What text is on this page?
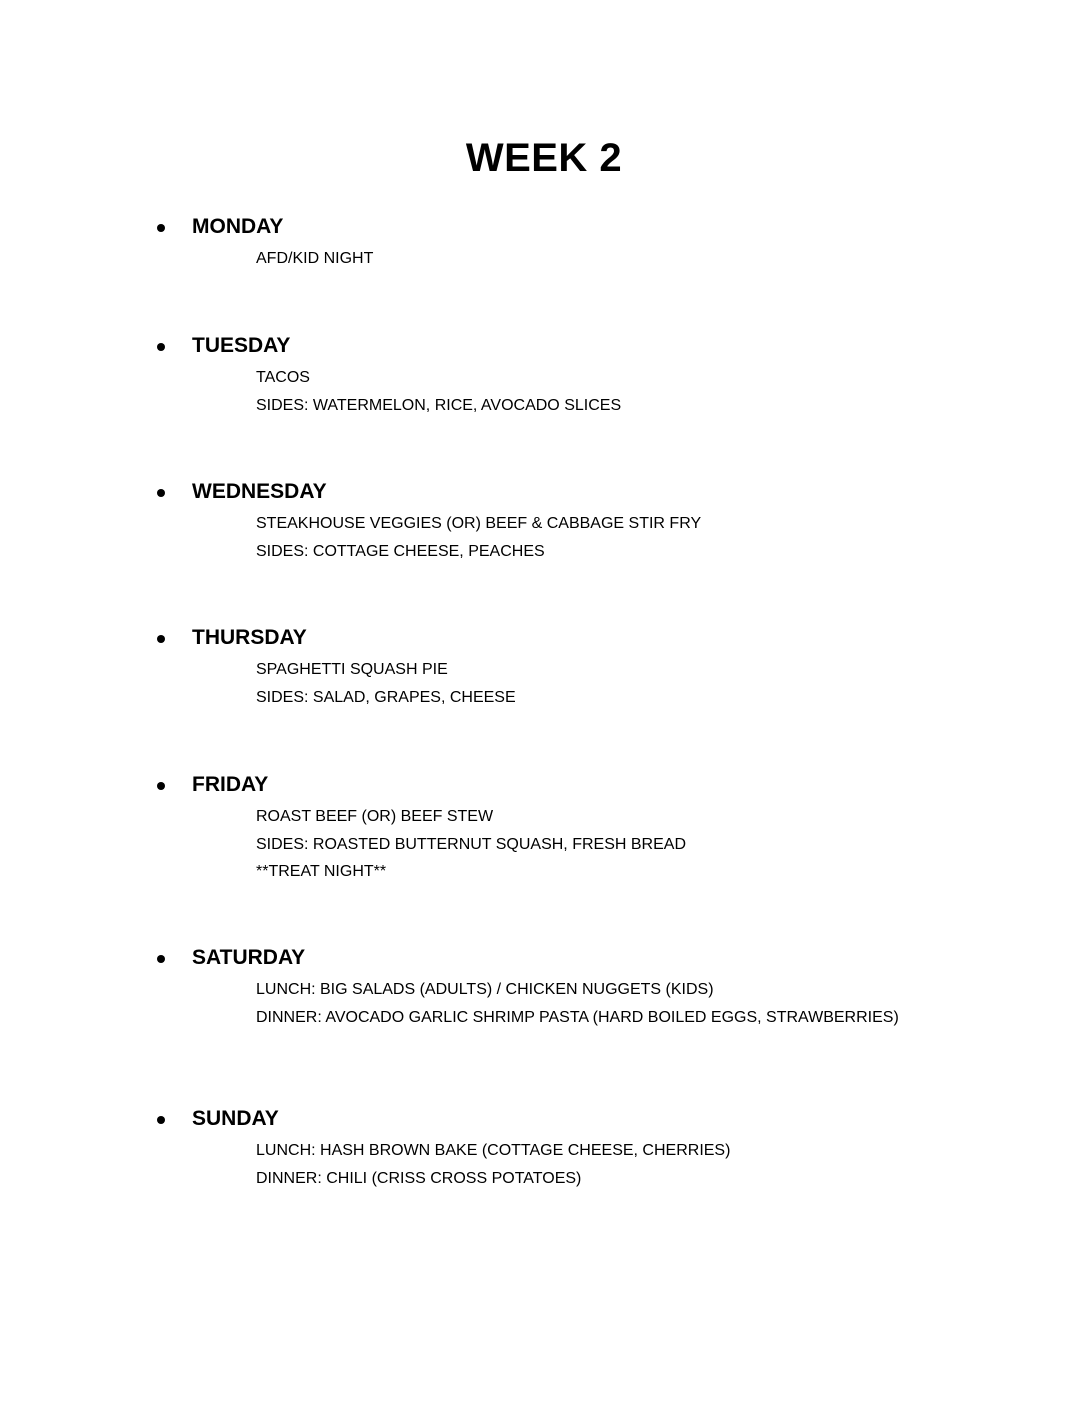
WEEK 2
MONDAY
AFD/KID NIGHT
TUESDAY
TACOS
SIDES: WATERMELON, RICE, AVOCADO SLICES
WEDNESDAY
STEAKHOUSE VEGGIES (OR) BEEF & CABBAGE STIR FRY
SIDES: COTTAGE CHEESE, PEACHES
THURSDAY
SPAGHETTI SQUASH PIE
SIDES: SALAD, GRAPES, CHEESE
FRIDAY
ROAST BEEF (OR) BEEF STEW
SIDES: ROASTED BUTTERNUT SQUASH, FRESH BREAD
**TREAT NIGHT**
SATURDAY
LUNCH: BIG SALADS (ADULTS) / CHICKEN NUGGETS (KIDS)
DINNER: AVOCADO GARLIC SHRIMP PASTA (HARD BOILED EGGS, STRAWBERRIES)
SUNDAY
LUNCH: HASH BROWN BAKE (COTTAGE CHEESE, CHERRIES)
DINNER: CHILI (CRISS CROSS POTATOES)
